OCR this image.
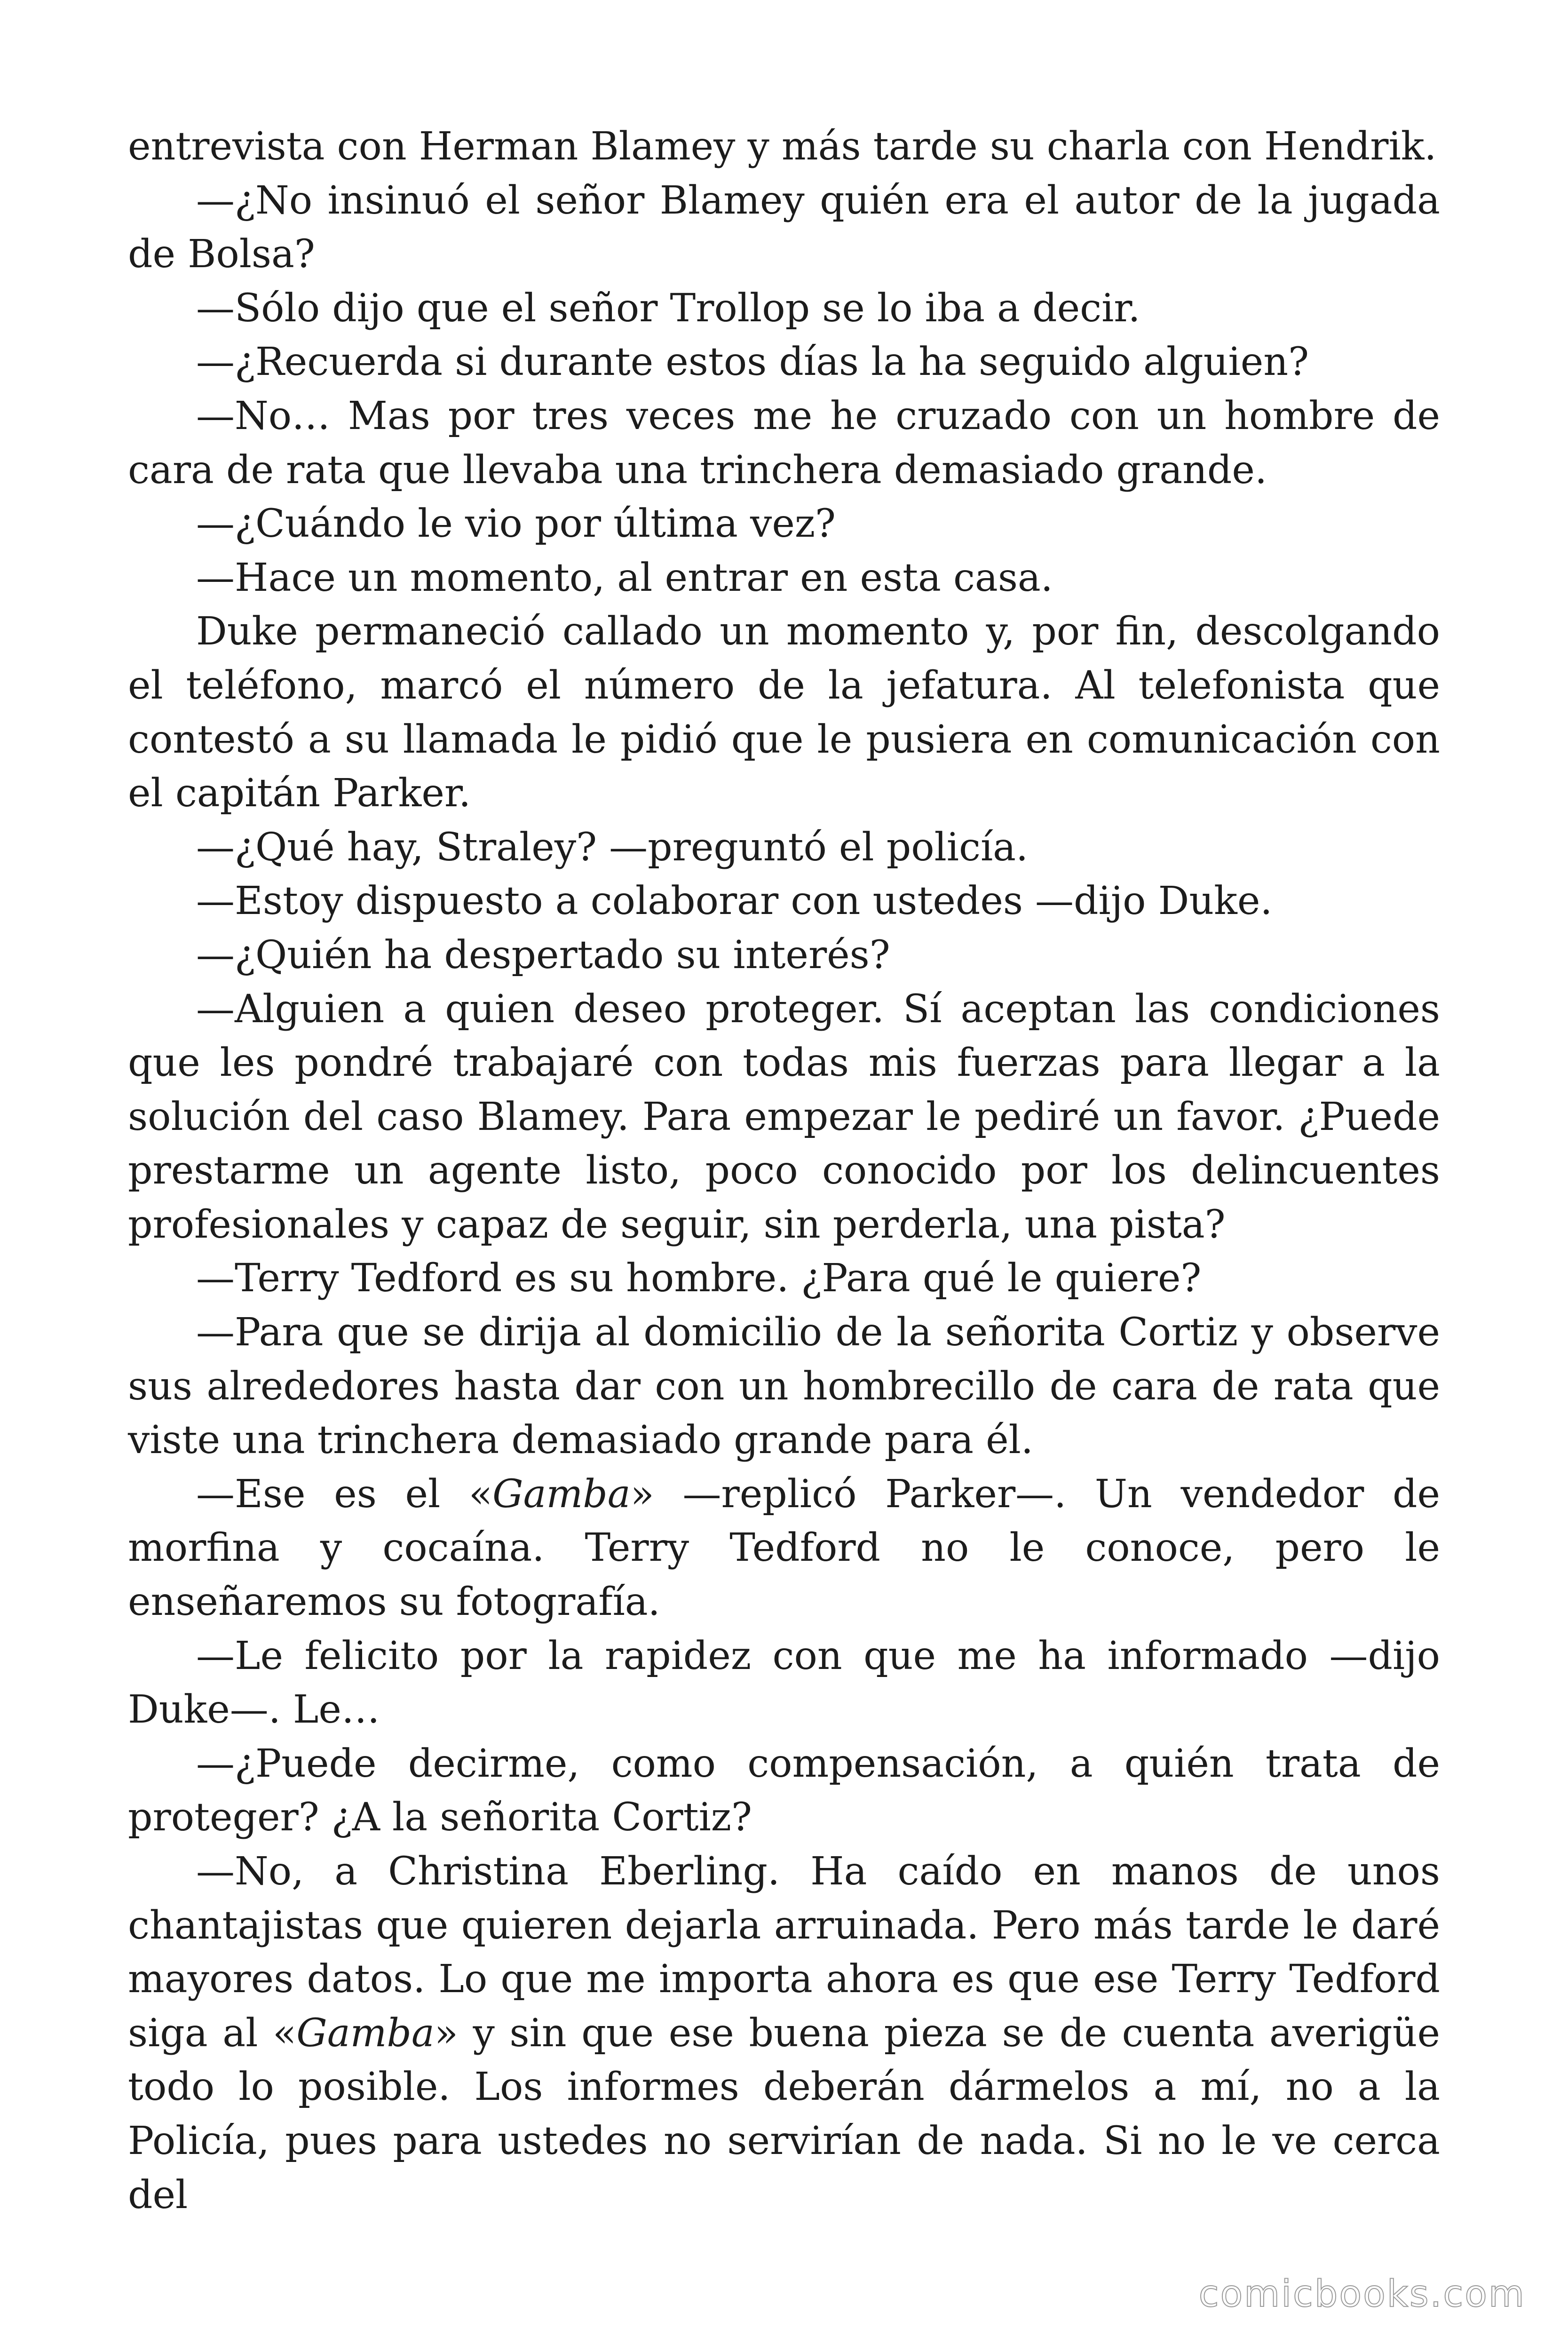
entrevista con Herman Blamey y más tarde su charla con Hendrik.

—¿No insinuó el señor Blamey quién era el autor de la jugada de Bolsa?

—Sólo dijo que el señor Trollop se lo iba a decir.

—¿Recuerda si durante estos días la ha seguido alguien?

—No… Mas por tres veces me he cruzado con un hombre de cara de rata que llevaba una trinchera demasiado grande.

—¿Cuándo le vio por última vez?

—Hace un momento, al entrar en esta casa.

Duke permaneció callado un momento y, por fin, descolgando el teléfono, marcó el número de la jefatura. Al telefonista que contestó a su llamada le pidió que le pusiera en comunicación con el capitán Parker.

—¿Qué hay, Straley? —preguntó el policía.

—Estoy dispuesto a colaborar con ustedes —dijo Duke.

—¿Quién ha despertado su interés?

—Alguien a quien deseo proteger. Sí aceptan las condiciones que les pondré trabajaré con todas mis fuerzas para llegar a la solución del caso Blamey. Para empezar le pediré un favor. ¿Puede prestarme un agente listo, poco conocido por los delincuentes profesionales y capaz de seguir, sin perderla, una pista?

—Terry Tedford es su hombre. ¿Para qué le quiere?

—Para que se dirija al domicilio de la señorita Cortiz y observe sus alrededores hasta dar con un hombrecillo de cara de rata que viste una trinchera demasiado grande para él.

—Ese es el «Gamba» —replicó Parker—. Un vendedor de morfina y cocaína. Terry Tedford no le conoce, pero le enseñaremos su fotografía.

—Le felicito por la rapidez con que me ha informado —dijo Duke—. Le…

—¿Puede decirme, como compensación, a quién trata de proteger? ¿A la señorita Cortiz?

—No, a Christina Eberling. Ha caído en manos de unos chantajistas que quieren dejarla arruinada. Pero más tarde le daré mayores datos. Lo que me importa ahora es que ese Terry Tedford siga al «Gamba» y sin que ese buena pieza se de cuenta averigüe todo lo posible. Los informes deberán dármelos a mí, no a la Policía, pues para ustedes no servirían de nada. Si no le ve cerca del

comicbooks.com
